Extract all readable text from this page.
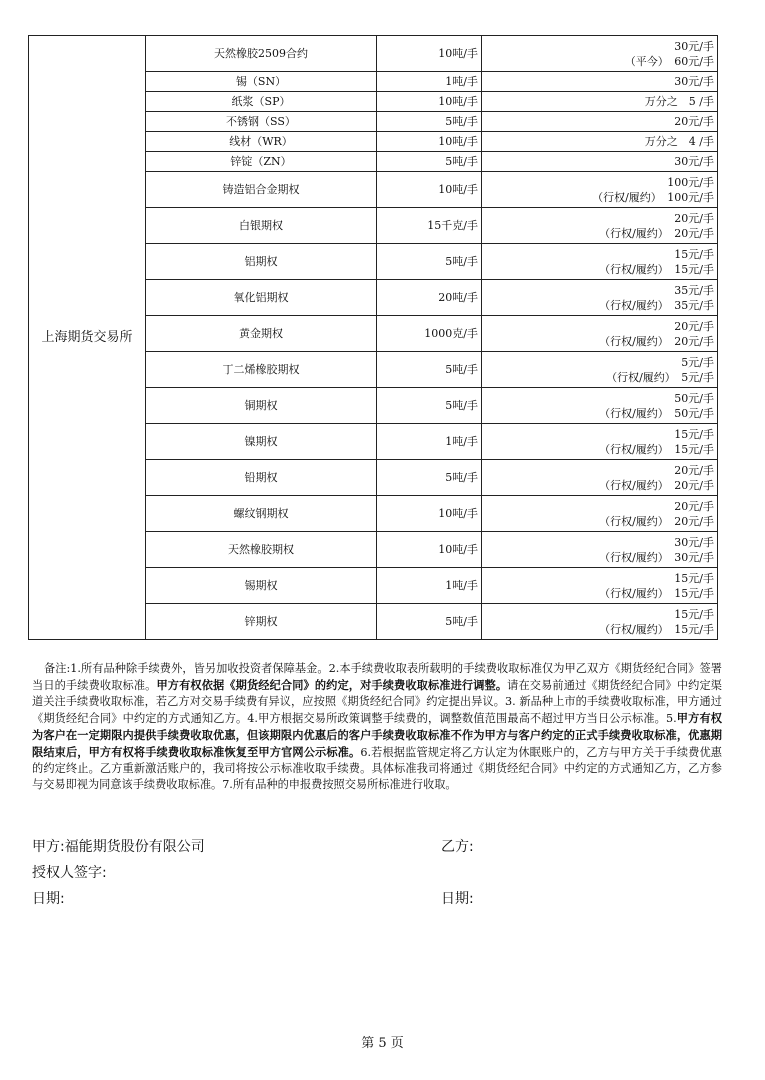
上海期货交易所	天然橡胶2509合约	10吨/手	30元/手
（平今）　60元/手

	锡（SN）	1吨/手	30元/手
	纸浆（SP）	10吨/手	万分之　5 /手
	不锈钢（SS）	5吨/手	20元/手
	线材（WR）	10吨/手	万分之　4 /手
	锌锭（ZN）	5吨/手	30元/手
	铸造铝合金期权	10吨/手	100元/手
（行权/履约）　100元/手

	白银期权	15千克/手	20元/手
（行权/履约）　20元/手

	铝期权	5吨/手	15元/手
（行权/履约）　15元/手

	氧化铝期权	20吨/手	35元/手
（行权/履约）　35元/手

	黄金期权	1000克/手	20元/手
（行权/履约）　20元/手

	丁二烯橡胶期权	5吨/手	5元/手
（行权/履约）　5元/手

	铜期权	5吨/手	50元/手
（行权/履约）　50元/手

	镍期权	1吨/手	15元/手
（行权/履约）　15元/手

	铅期权	5吨/手	20元/手
（行权/履约）　20元/手

	螺纹钢期权	10吨/手	20元/手
（行权/履约）　20元/手

	天然橡胶期权	10吨/手	30元/手
（行权/履约）　30元/手

	锡期权	1吨/手	15元/手
（行权/履约）　15元/手

	锌期权	5吨/手	15元/手
（行权/履约）　15元/手

备注:1.所有品种除手续费外，皆另加收投资者保障基金。2.本手续费收取表所载明的手续费收取标准仅为甲乙双方《期货经纪合同》签署当日的手续费收取标准。甲方有权依据《期货经纪合同》的约定，对手续费收取标准进行调整。请在交易前通过《期货经纪合同》中约定渠道关注手续费收取标准，若乙方对交易手续费有异议，应按照《期货经纪合同》约定提出异议。3. 新品种上市的手续费收取标准，甲方通过《期货经纪合同》中约定的方式通知乙方。4.甲方根据交易所政策调整手续费的，调整数值范围最高不超过甲方当日公示标准。5.甲方有权为客户在一定期限内提供手续费收取优惠，但该期限内优惠后的客户手续费收取标准不作为甲方与客户约定的正式手续费收取标准，优惠期限结束后，甲方有权将手续费收取标准恢复至甲方官网公示标准。6.若根据监管规定将乙方认定为休眠账户的，乙方与甲方关于手续费优惠的约定终止。乙方重新激活账户的，我司将按公示标准收取手续费。具体标准我司将通过《期货经纪合同》中约定的方式通知乙方，乙方参与交易即视为同意该手续费收取标准。7.所有品种的申报费按照交易所标准进行收取。

甲方:福能期货股份有限公司	乙方:
授权人签字:
日期:	日期:
第 5 页
